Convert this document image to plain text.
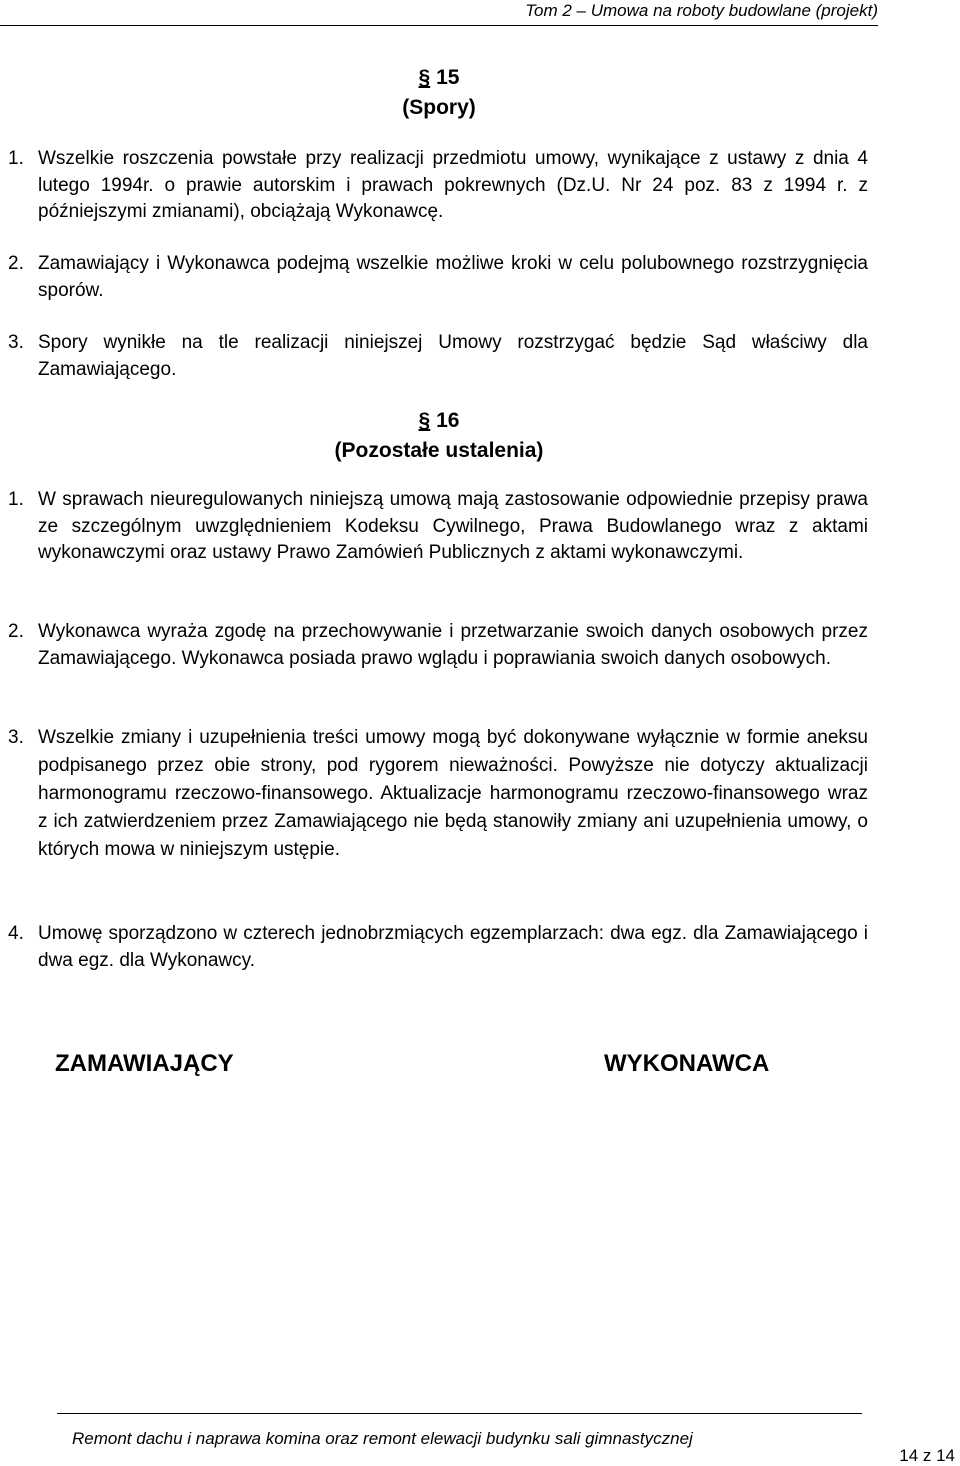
Tom 2 – Umowa na roboty budowlane (projekt)
§ 15
(Spory)
1. Wszelkie roszczenia powstałe przy realizacji przedmiotu umowy, wynikające z ustawy z dnia 4 lutego 1994r. o prawie autorskim i prawach pokrewnych (Dz.U. Nr 24 poz. 83 z 1994 r. z późniejszymi zmianami), obciążają Wykonawcę.
2. Zamawiający i Wykonawca podejmą wszelkie możliwe kroki w celu polubownego rozstrzygnięcia sporów.
3. Spory wynikłe na tle realizacji niniejszej Umowy rozstrzygać będzie Sąd właściwy dla Zamawiającego.
§ 16
(Pozostałe ustalenia)
1. W sprawach nieuregulowanych niniejszą umową mają zastosowanie odpowiednie przepisy prawa ze szczególnym uwzględnieniem Kodeksu Cywilnego, Prawa Budowlanego wraz z aktami wykonawczymi oraz ustawy Prawo Zamówień Publicznych z aktami wykonawczymi.
2. Wykonawca wyraża zgodę na przechowywanie i przetwarzanie swoich danych osobowych przez Zamawiającego. Wykonawca posiada prawo wglądu i poprawiania swoich danych osobowych.
3. Wszelkie zmiany i uzupełnienia treści umowy mogą być dokonywane wyłącznie w formie aneksu podpisanego przez obie strony, pod rygorem nieważności. Powyższe nie dotyczy aktualizacji harmonogramu rzeczowo-finansowego. Aktualizacje harmonogramu rzeczowo-finansowego wraz z ich zatwierdzeniem przez Zamawiającego nie będą stanowiły zmiany ani uzupełnienia umowy, o których mowa w niniejszym ustępie.
4. Umowę sporządzono w czterech jednobrzmiących egzemplarzach: dwa egz. dla Zamawiającego i dwa egz. dla Wykonawcy.
ZAMAWIAJĄCY	WYKONAWCA
Remont dachu i naprawa komina oraz remont elewacji budynku sali gimnastycznej
14 z 14
